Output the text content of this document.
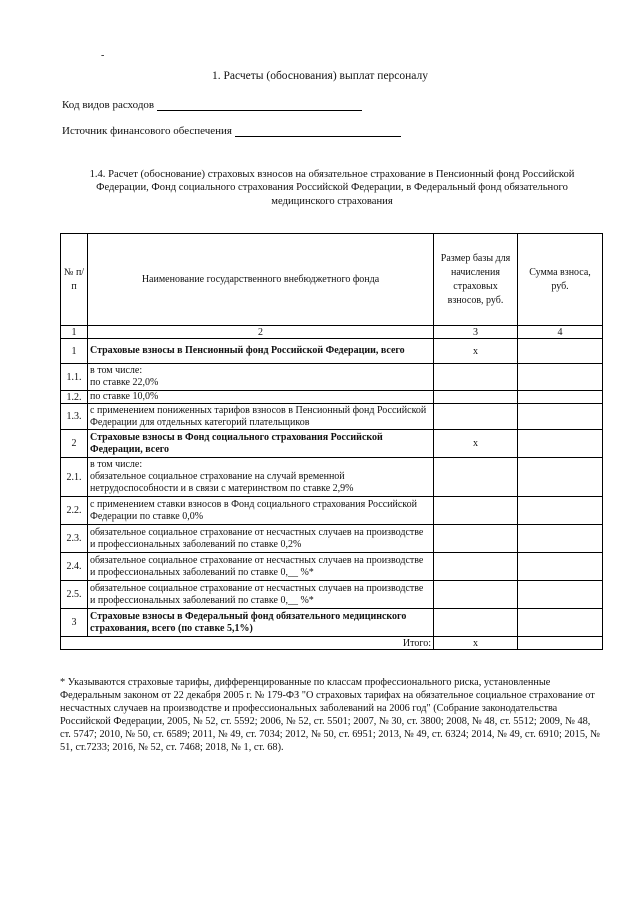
-
1. Расчеты (обоснования) выплат персоналу
Код видов расходов
Источник финансового обеспечения
1.4. Расчет (обоснование) страховых взносов на обязательное страхование в Пенсионный фонд Российской Федерации, Фонд социального страхования Российской Федерации, в Федеральный фонд обязательного медицинского страхования
№ п/п	Наименование государственного внебюджетного фонда	Размер базы для начисления страховых взносов, руб.	Сумма взноса, руб.
1	2	3	4
1	Страховые взносы в Пенсионный фонд Российской Федерации, всего	x	
1.1.	в том числе:
по ставке 22,0%		
1.2.	по ставке 10,0%		
1.3.	с применением пониженных тарифов взносов в Пенсионный фонд Российской Федерации для отдельных категорий плательщиков		
2	Страховые взносы в Фонд социального страхования Российской Федерации, всего	x	
2.1.	в том числе:
обязательное социальное страхование на случай временной нетрудоспособности и в связи с материнством по ставке 2,9%		
2.2.	с применением ставки взносов в Фонд социального страхования Российской Федерации по ставке 0,0%		
2.3.	обязательное социальное страхование от несчастных случаев на производстве и профессиональных заболеваний по ставке 0,2%		
2.4.	обязательное социальное страхование от несчастных случаев на производстве и профессиональных заболеваний по ставке 0,__ %*		
2.5.	обязательное социальное страхование от несчастных случаев на производстве и профессиональных заболеваний по ставке 0,__ %*		
3	Страховые взносы в Федеральный фонд обязательного медицинского страхования, всего (по ставке 5,1%)		
Итого:		x	
* Указываются страховые тарифы, дифференцированные по классам профессионального риска, установленные Федеральным законом от 22 декабря 2005 г. № 179-ФЗ "О страховых тарифах на обязательное социальное страхование от несчастных случаев на производстве и профессиональных заболеваний на 2006 год" (Собрание законодательства Российской Федерации, 2005, № 52, ст. 5592; 2006, № 52, ст. 5501; 2007, № 30, ст. 3800; 2008, № 48, ст. 5512; 2009, № 48, ст. 5747; 2010, № 50, ст. 6589; 2011, № 49, ст. 7034; 2012, № 50, ст. 6951; 2013, № 49, ст. 6324; 2014, № 49, ст. 6910; 2015, № 51, ст.7233; 2016, № 52, ст. 7468; 2018, № 1, ст. 68).
